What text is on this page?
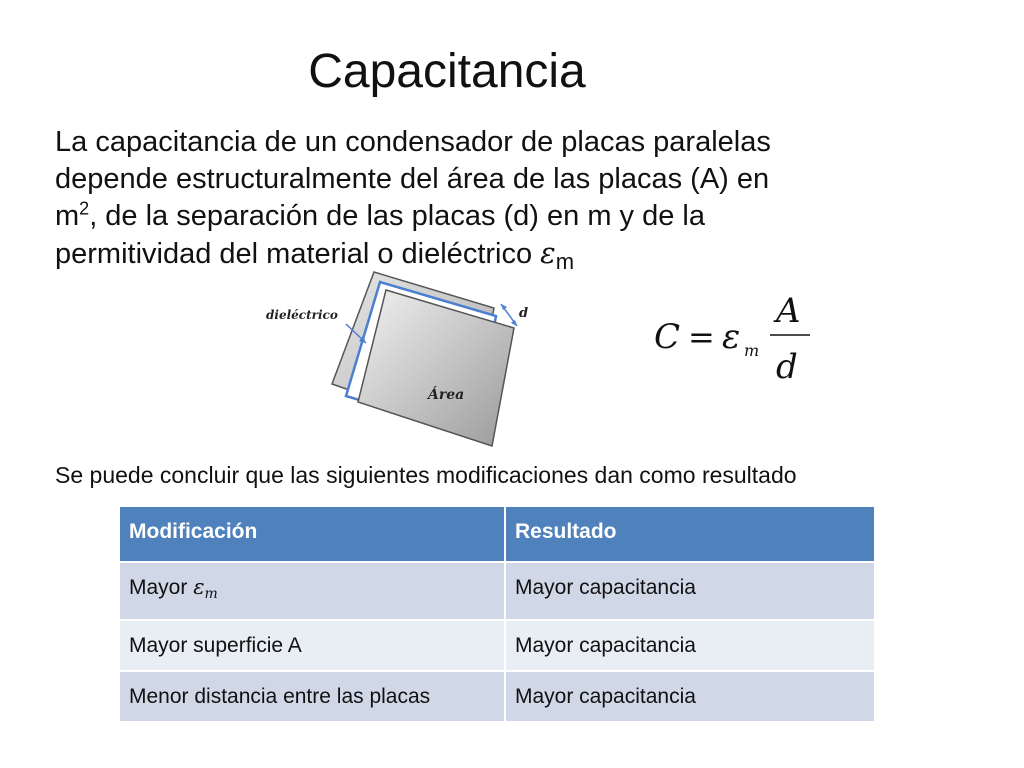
Capacitancia
La capacitancia de un condensador de placas paralelas
depende estructuralmente del área de las placas (A) en
$m^2$, de la separación de las placas (d) en m y de la
permitividad del material o dieléctrico $\varepsilon_m$
dieléctrico	d
Área
C = ε m
A
d
Se puede concluir que las siguientes modificaciones dan como resultado
Modificación	Resultado
Mayor εm	Mayor capacitancia
Mayor superficie A	Mayor capacitancia
Menor distancia entre las placas	Mayor capacitancia
